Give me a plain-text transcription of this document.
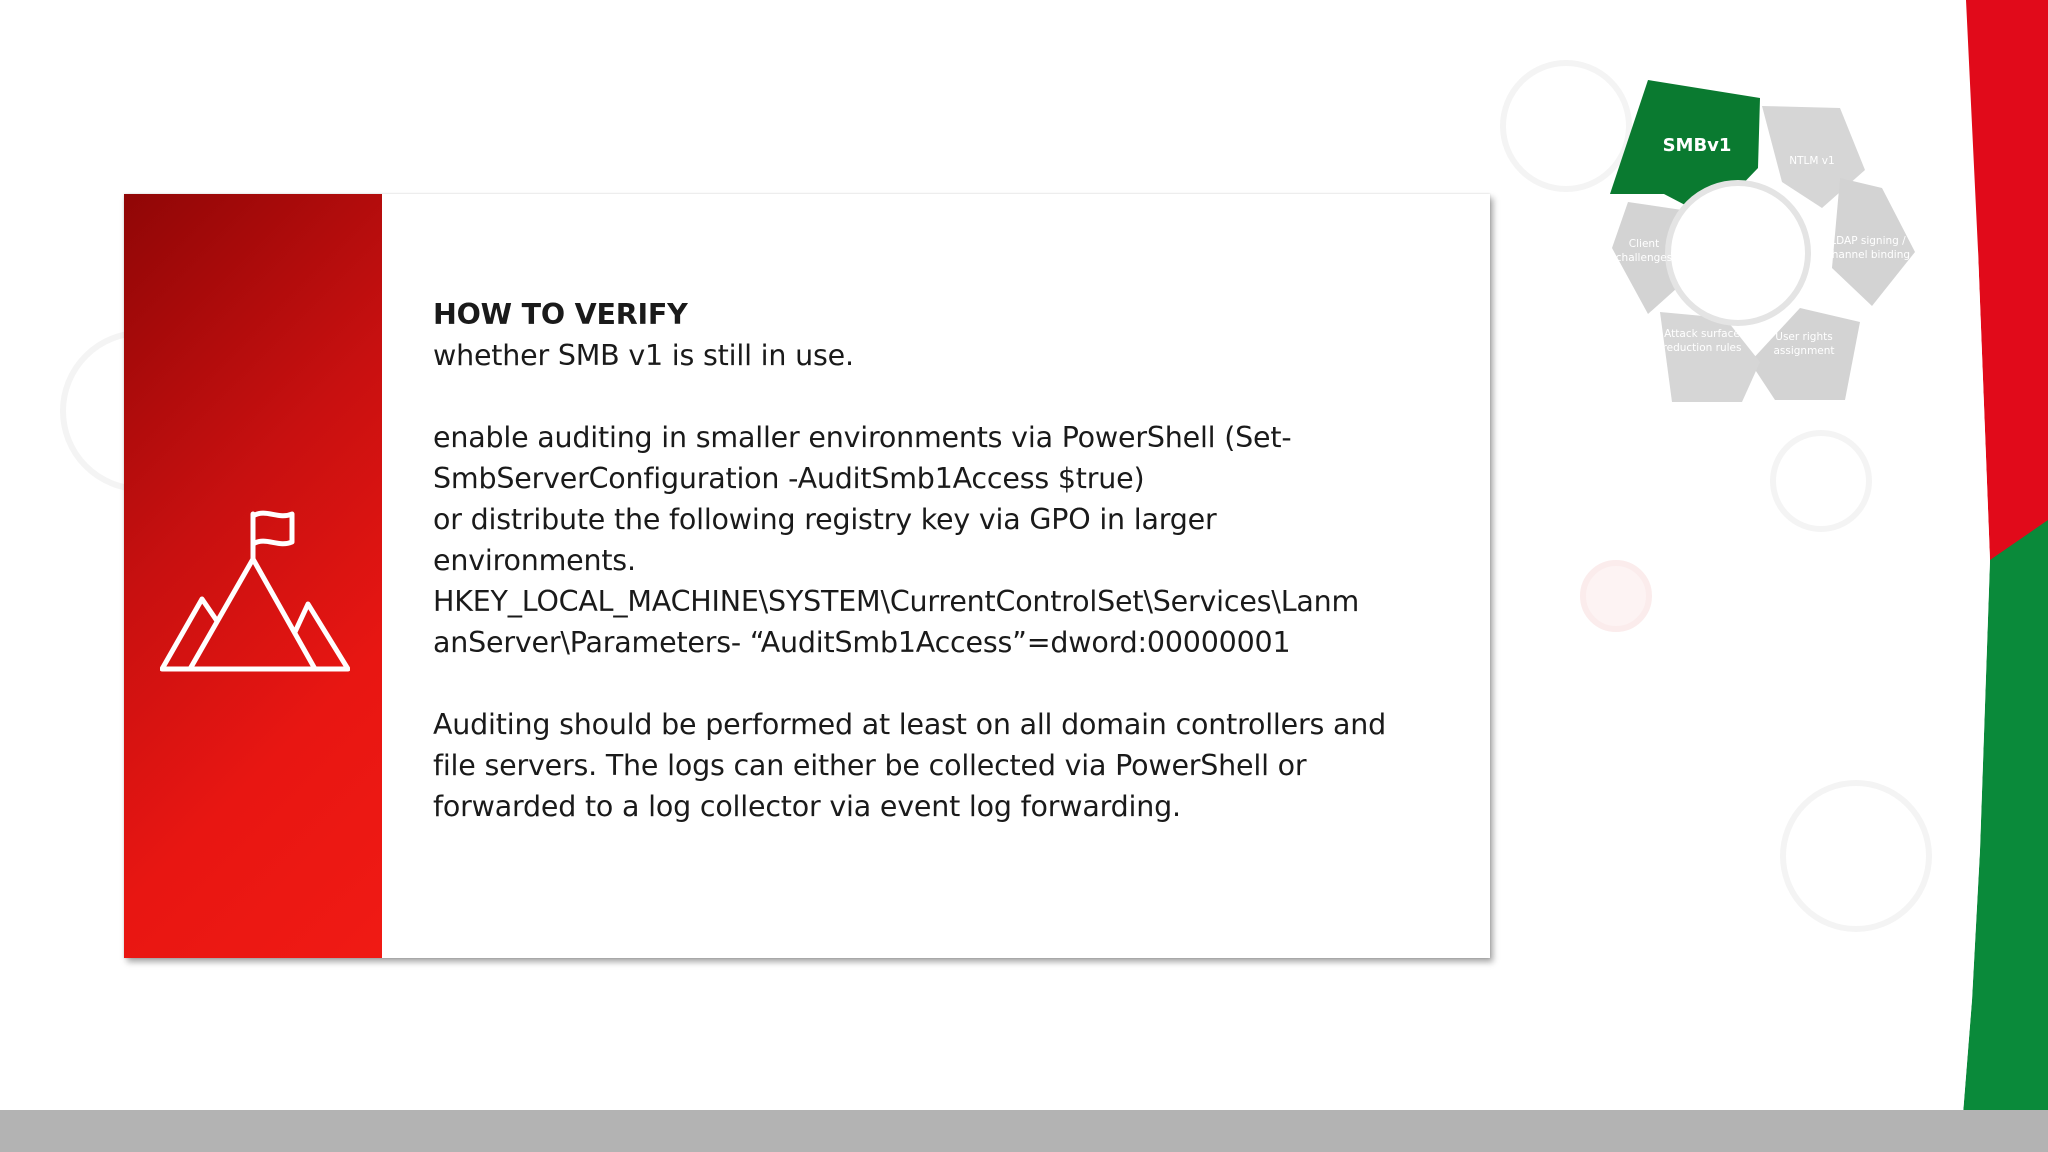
HOW TO VERIFY

whether SMB v1 is still in use.

enable auditing in smaller environments via PowerShell (Set-

SmbServerConfiguration -AuditSmb1Access $true)

or distribute the following registry key via GPO in larger

environments.

HKEY_LOCAL_MACHINE\SYSTEM\CurrentControlSet\Services\Lanm

anServer\Parameters- “AuditSmb1Access”=dword:00000001

Auditing should be performed at least on all domain controllers and

file servers. The logs can either be collected via PowerShell or

forwarded to a log collector via event log forwarding.

SMBv1
NTLM v1
LDAP signing /
channel binding
User rights
assignment
Attack surface
reduction rules
Client
challenges
